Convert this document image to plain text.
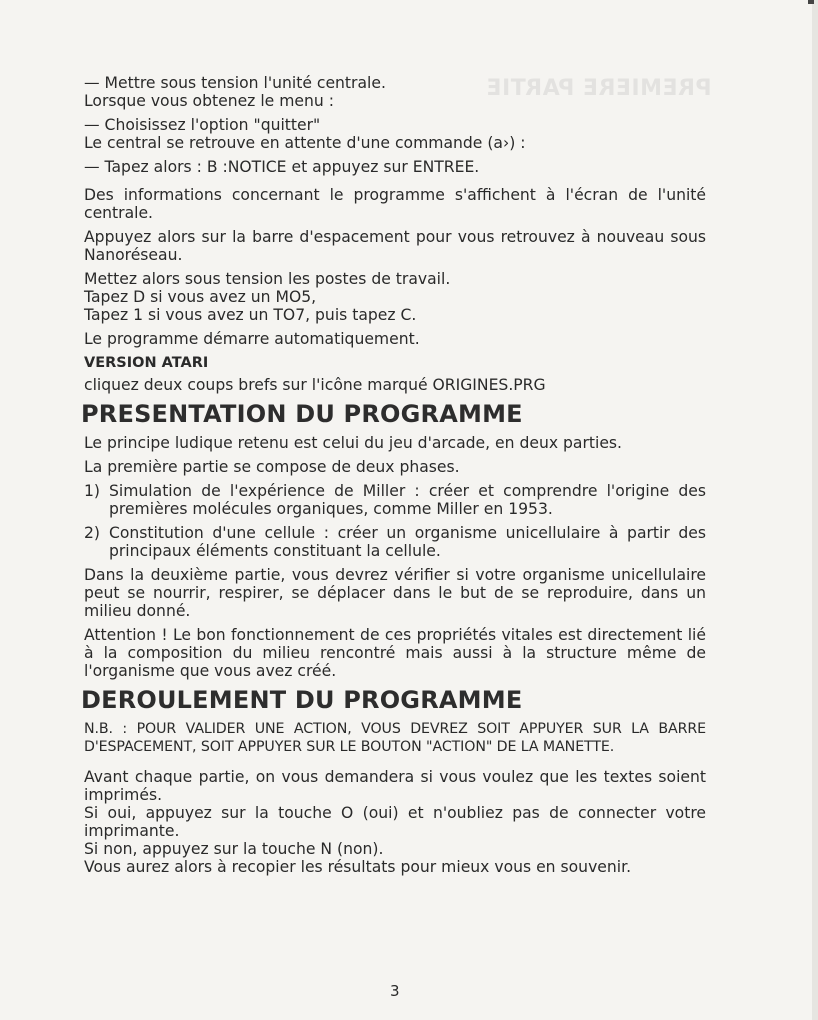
PREMIERE PARTIE

— Mettre sous tension l'unité centrale.

Lorsque vous obtenez le menu :

— Choisissez l'option "quitter"

Le central se retrouve en attente d'une commande (a›) :

— Tapez alors : B :NOTICE et appuyez sur ENTREE.

Des informations concernant le programme s'affichent à l'écran de l'unité centrale.

Appuyez alors sur la barre d'espacement pour vous retrouvez à nouveau sous Nanoréseau.

Mettez alors sous tension les postes de travail.

Tapez D si vous avez un MO5,

Tapez 1 si vous avez un TO7, puis tapez C.

Le programme démarre automatiquement.

VERSION ATARI

cliquez deux coups brefs sur l'icône marqué ORIGINES.PRG

PRESENTATION DU PROGRAMME

Le principe ludique retenu est celui du jeu d'arcade, en deux parties.

La première partie se compose de deux phases.

1) Simulation de l'expérience de Miller : créer et comprendre l'origine des premières molécules organiques, comme Miller en 1953.
2) Constitution d'une cellule : créer un organisme unicellulaire à partir des principaux éléments constituant la cellule.

Dans la deuxième partie, vous devrez vérifier si votre organisme unicellulaire peut se nourrir, respirer, se déplacer dans le but de se reproduire, dans un milieu donné.

Attention ! Le bon fonctionnement de ces propriétés vitales est directement lié à la composition du milieu rencontré mais aussi à la structure même de l'organisme que vous avez créé.

DEROULEMENT DU PROGRAMME

N.B. : POUR VALIDER UNE ACTION, VOUS DEVREZ SOIT APPUYER SUR LA BARRE D'ESPACEMENT, SOIT APPUYER SUR LE BOUTON "ACTION" DE LA MANETTE.

Avant chaque partie, on vous demandera si vous voulez que les textes soient imprimés.

Si oui, appuyez sur la touche O (oui) et n'oubliez pas de connecter votre imprimante.

Si non, appuyez sur la touche N (non).

Vous aurez alors à recopier les résultats pour mieux vous en souvenir.

3
